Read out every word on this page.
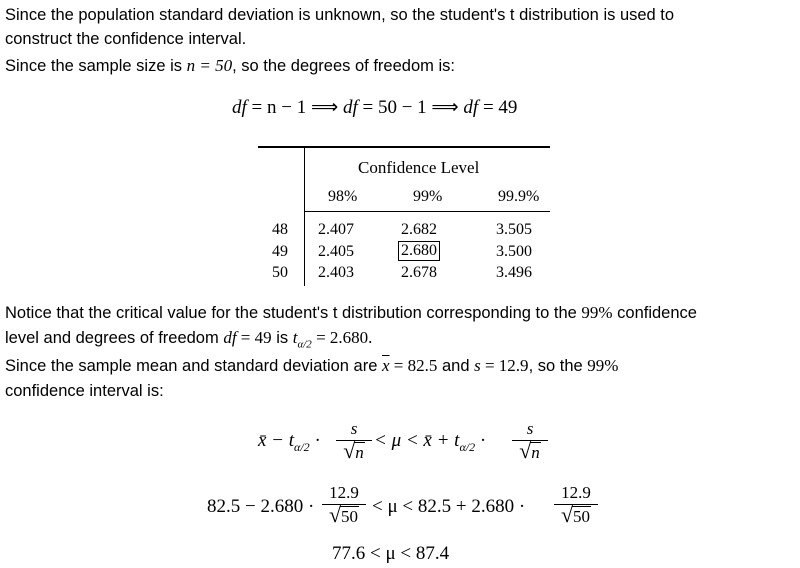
Since the population standard deviation is unknown, so the student's t distribution is used to
construct the confidence interval.
Since the sample size is n = 50, so the degrees of freedom is:
df = n − 1 ⟹ df = 50 − 1 ⟹ df = 49
Confidence Level
98%	99%	99.9%
48 2.407	2.682	3.505
49 2.405	2.680	3.500
50 2.403	2.678	3.496
Notice that the critical value for the student's t distribution corresponding to the 99% confidence
level and degrees of freedom df = 49 is $t_{\alpha/2} = 2.680$.
Since the sample mean and standard deviation are $\overline{x} = 82.5$ and s = 12.9, so the 99%
confidence interval is:
x̄ − $t_{\alpha/2}$ ·
s
√ n
< μ < x̄ + $t_{\alpha/2}$ ·
s
√ n
82.5 − 2.680 ·
12.9
√ 50 < μ < 82.5 + 2.680 ·
12.9
√ 50
77.6 < μ < 87.4
